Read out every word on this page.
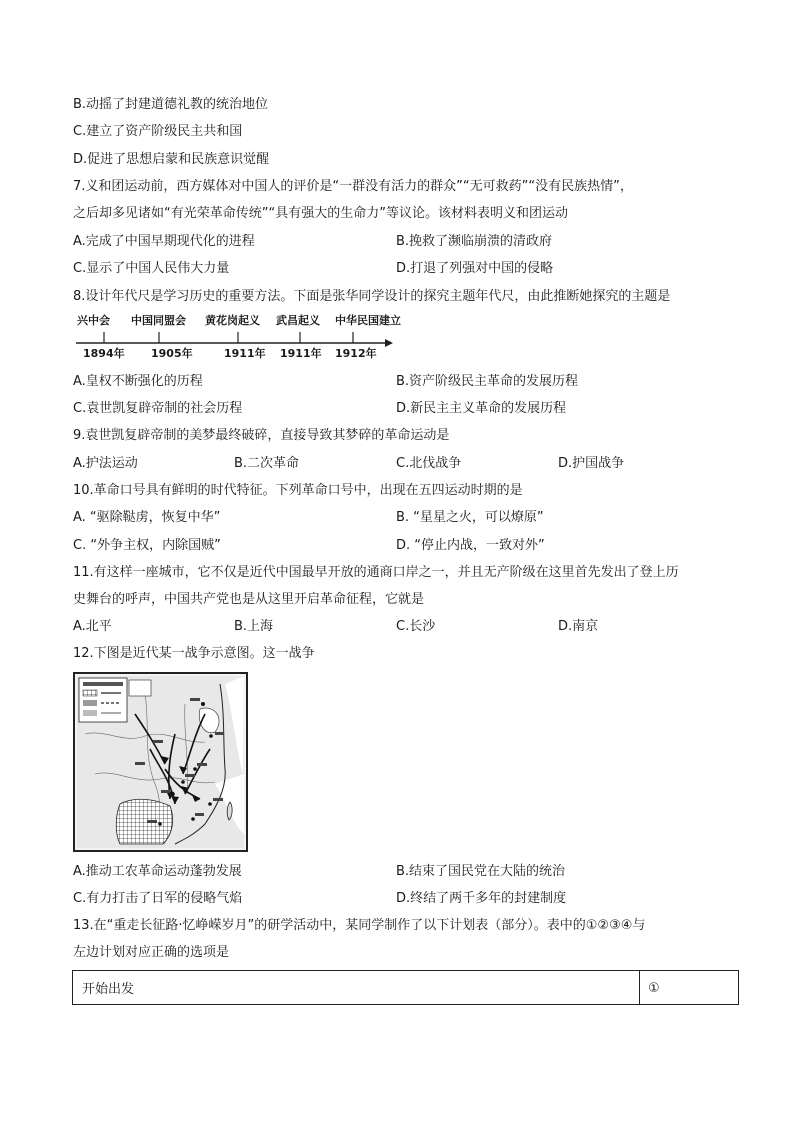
B.动摇了封建道德礼教的统治地位
C.建立了资产阶级民主共和国
D.促进了思想启蒙和民族意识觉醒
7.义和团运动前，西方媒体对中国人的评价是“一群没有活力的群众”“无可救药”“没有民族热情”，
之后却多见诸如“有光荣革命传统”“具有强大的生命力”等议论。该材料表明义和团运动
A.完成了中国早期现代化的进程	B.挽救了濒临崩溃的清政府
C.显示了中国人民伟大力量	D.打退了列强对中国的侵略
8.设计年代尺是学习历史的重要方法。下面是张华同学设计的探究主题年代尺，由此推断她探究的主题是
兴中会 中国同盟会 黄花岗起义 武昌起义 中华民国建立
1894年 1905年	1911年 1911年 1912年
A.皇权不断强化的历程	B.资产阶级民主革命的发展历程
C.袁世凯复辟帝制的社会历程	D.新民主主义革命的发展历程
9.袁世凯复辟帝制的美梦最终破碎，直接导致其梦碎的革命运动是
A.护法运动	B.二次革命	C.北伐战争	D.护国战争
10.革命口号具有鲜明的时代特征。下列革命口号中，出现在五四运动时期的是
A. “驱除鞑虏，恢复中华”	B. “星星之火，可以燎原”
C. “外争主权，内除国贼”	D. “停止内战，一致对外”
11.有这样一座城市，它不仅是近代中国最早开放的通商口岸之一，并且无产阶级在这里首先发出了登上历
史舞台的呼声，中国共产党也是从这里开启革命征程，它就是
A.北平	B.上海	C.长沙	D.南京
12.下图是近代某一战争示意图。这一战争
A.推动工农革命运动蓬勃发展	B.结束了国民党在大陆的统治
C.有力打击了日军的侵略气焰	D.终结了两千多年的封建制度
13.在“重走长征路·忆峥嵘岁月”的研学活动中，某同学制作了以下计划表（部分）。表中的①②③④与
左边计划对应正确的选项是
开始出发	①
